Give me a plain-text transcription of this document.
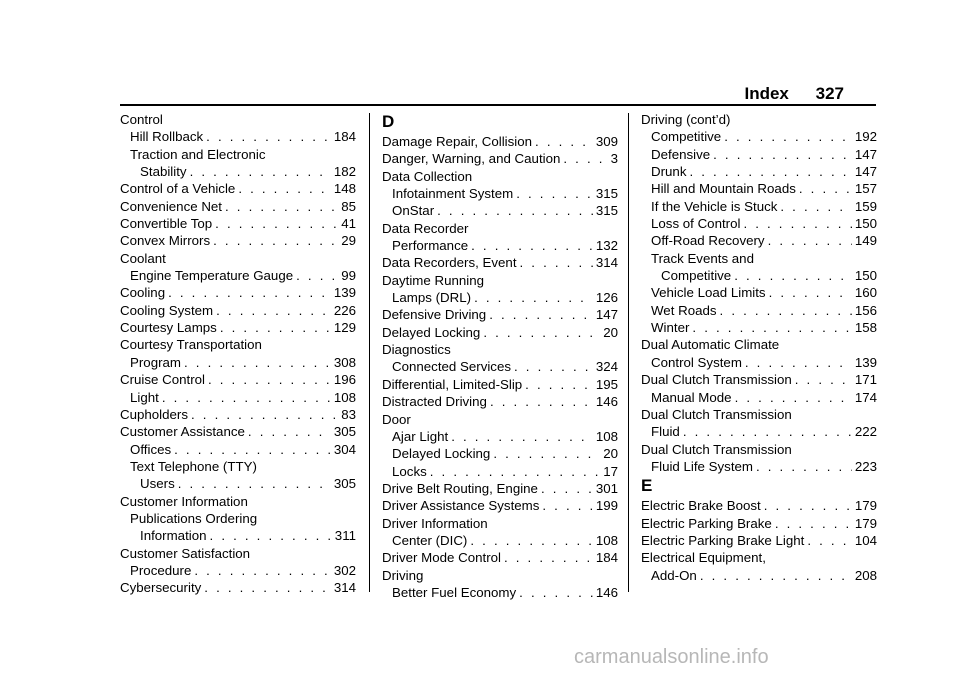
Index 327
Control
Hill Rollback . . .	184
Traction and Electronic
Stability . . .	182
Control of a Vehicle . . .	148
Convenience Net . . .	85
Convertible Top . . .	41
Convex Mirrors . . .	29
Coolant
Engine Temperature Gauge . . .	99
Cooling . . .	139
Cooling System . . .	226
Courtesy Lamps . . .	129
Courtesy Transportation
Program . . .	308
Cruise Control . . .	196
Light . . .	108
Cupholders . . .	83
Customer Assistance . . .	305
Offices . . .	304
Text Telephone (TTY)
Users . . .	305
Customer Information
Publications Ordering
Information . . .	311
Customer Satisfaction
Procedure . . .	302
Cybersecurity . . .	314
D
Damage Repair, Collision . . .	309
Danger, Warning, and Caution . . .	3
Data Collection
Infotainment System . . .	315
OnStar . . .	315
Data Recorder
Performance . . .	132
Data Recorders, Event . . .	314
Daytime Running
Lamps (DRL) . . .	126
Defensive Driving . . .	147
Delayed Locking . . .	20
Diagnostics
Connected Services . . .	324
Differential, Limited-Slip . . .	195
Distracted Driving . . .	146
Door
Ajar Light . . .	108
Delayed Locking . . .	20
Locks . . .	17
Drive Belt Routing, Engine . . .	301
Driver Assistance Systems . . .	199
Driver Information
Center (DIC) . . .	108
Driver Mode Control . . .	184
Driving
Better Fuel Economy . . .	146
Driving (cont’d)
Competitive . . .	192
Defensive . . .	147
Drunk . . .	147
Hill and Mountain Roads . . .	157
If the Vehicle is Stuck . . .	159
Loss of Control . . .	150
Off-Road Recovery . . .	149
Track Events and
Competitive . . .	150
Vehicle Load Limits . . .	160
Wet Roads . . .	156
Winter . . .	158
Dual Automatic Climate
Control System . . .	139
Dual Clutch Transmission . . .	171
Manual Mode . . .	174
Dual Clutch Transmission
Fluid . . .	222
Dual Clutch Transmission
Fluid Life System . . .	223
E
Electric Brake Boost . . .	179
Electric Parking Brake . . .	179
Electric Parking Brake Light . . .	104
Electrical Equipment,
Add-On . . .	208
carmanualsonline.info
